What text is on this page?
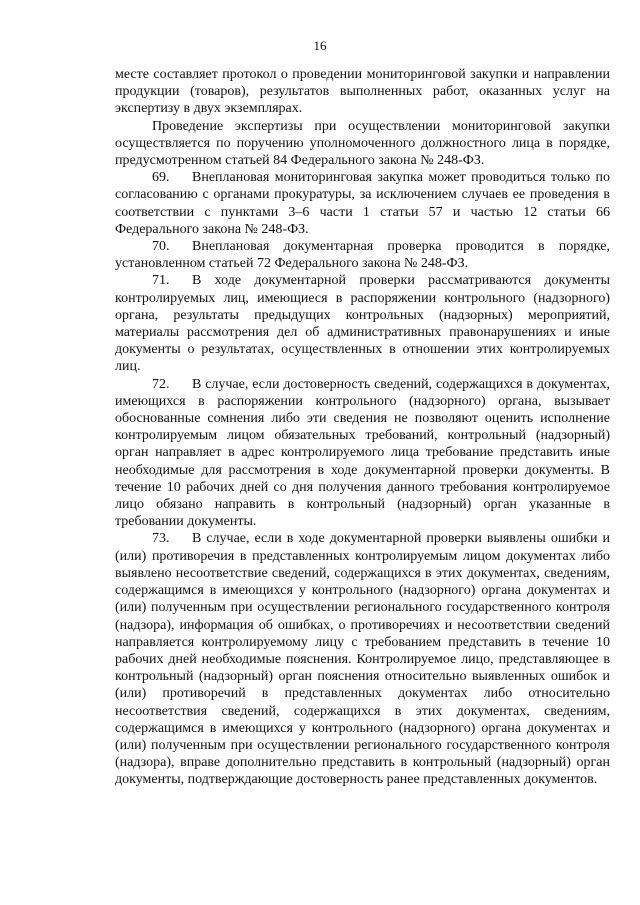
16

месте составляет протокол о проведении мониторинговой закупки и направлении продукции (товаров), результатов выполненных работ, оказанных услуг на экспертизу в двух экземплярах.

Проведение экспертизы при осуществлении мониторинговой закупки осуществляется по поручению уполномоченного должностного лица в порядке, предусмотренном статьей 84 Федерального закона № 248-ФЗ.

69. Внеплановая мониторинговая закупка может проводиться только по согласованию с органами прокуратуры, за исключением случаев ее проведения в соответствии с пунктами 3–6 части 1 статьи 57 и частью 12 статьи 66 Федерального закона № 248-ФЗ.

70. Внеплановая документарная проверка проводится в порядке, установленном статьей 72 Федерального закона № 248-ФЗ.

71. В ходе документарной проверки рассматриваются документы контролируемых лиц, имеющиеся в распоряжении контрольного (надзорного) органа, результаты предыдущих контрольных (надзорных) мероприятий, материалы рассмотрения дел об административных правонарушениях и иные документы о результатах, осуществленных в отношении этих контролируемых лиц.

72. В случае, если достоверность сведений, содержащихся в документах, имеющихся в распоряжении контрольного (надзорного) органа, вызывает обоснованные сомнения либо эти сведения не позволяют оценить исполнение контролируемым лицом обязательных требований, контрольный (надзорный) орган направляет в адрес контролируемого лица требование представить иные необходимые для рассмотрения в ходе документарной проверки документы. В течение 10 рабочих дней со дня получения данного требования контролируемое лицо обязано направить в контрольный (надзорный) орган указанные в требовании документы.

73. В случае, если в ходе документарной проверки выявлены ошибки и (или) противоречия в представленных контролируемым лицом документах либо выявлено несоответствие сведений, содержащихся в этих документах, сведениям, содержащимся в имеющихся у контрольного (надзорного) органа документах и (или) полученным при осуществлении регионального государственного контроля (надзора), информация об ошибках, о противоречиях и несоответствии сведений направляется контролируемому лицу с требованием представить в течение 10 рабочих дней необходимые пояснения. Контролируемое лицо, представляющее в контрольный (надзорный) орган пояснения относительно выявленных ошибок и (или) противоречий в представленных документах либо относительно несоответствия сведений, содержащихся в этих документах, сведениям, содержащимся в имеющихся у контрольного (надзорного) органа документах и (или) полученным при осуществлении регионального государственного контроля (надзора), вправе дополнительно представить в контрольный (надзорный) орган документы, подтверждающие достоверность ранее представленных документов.
